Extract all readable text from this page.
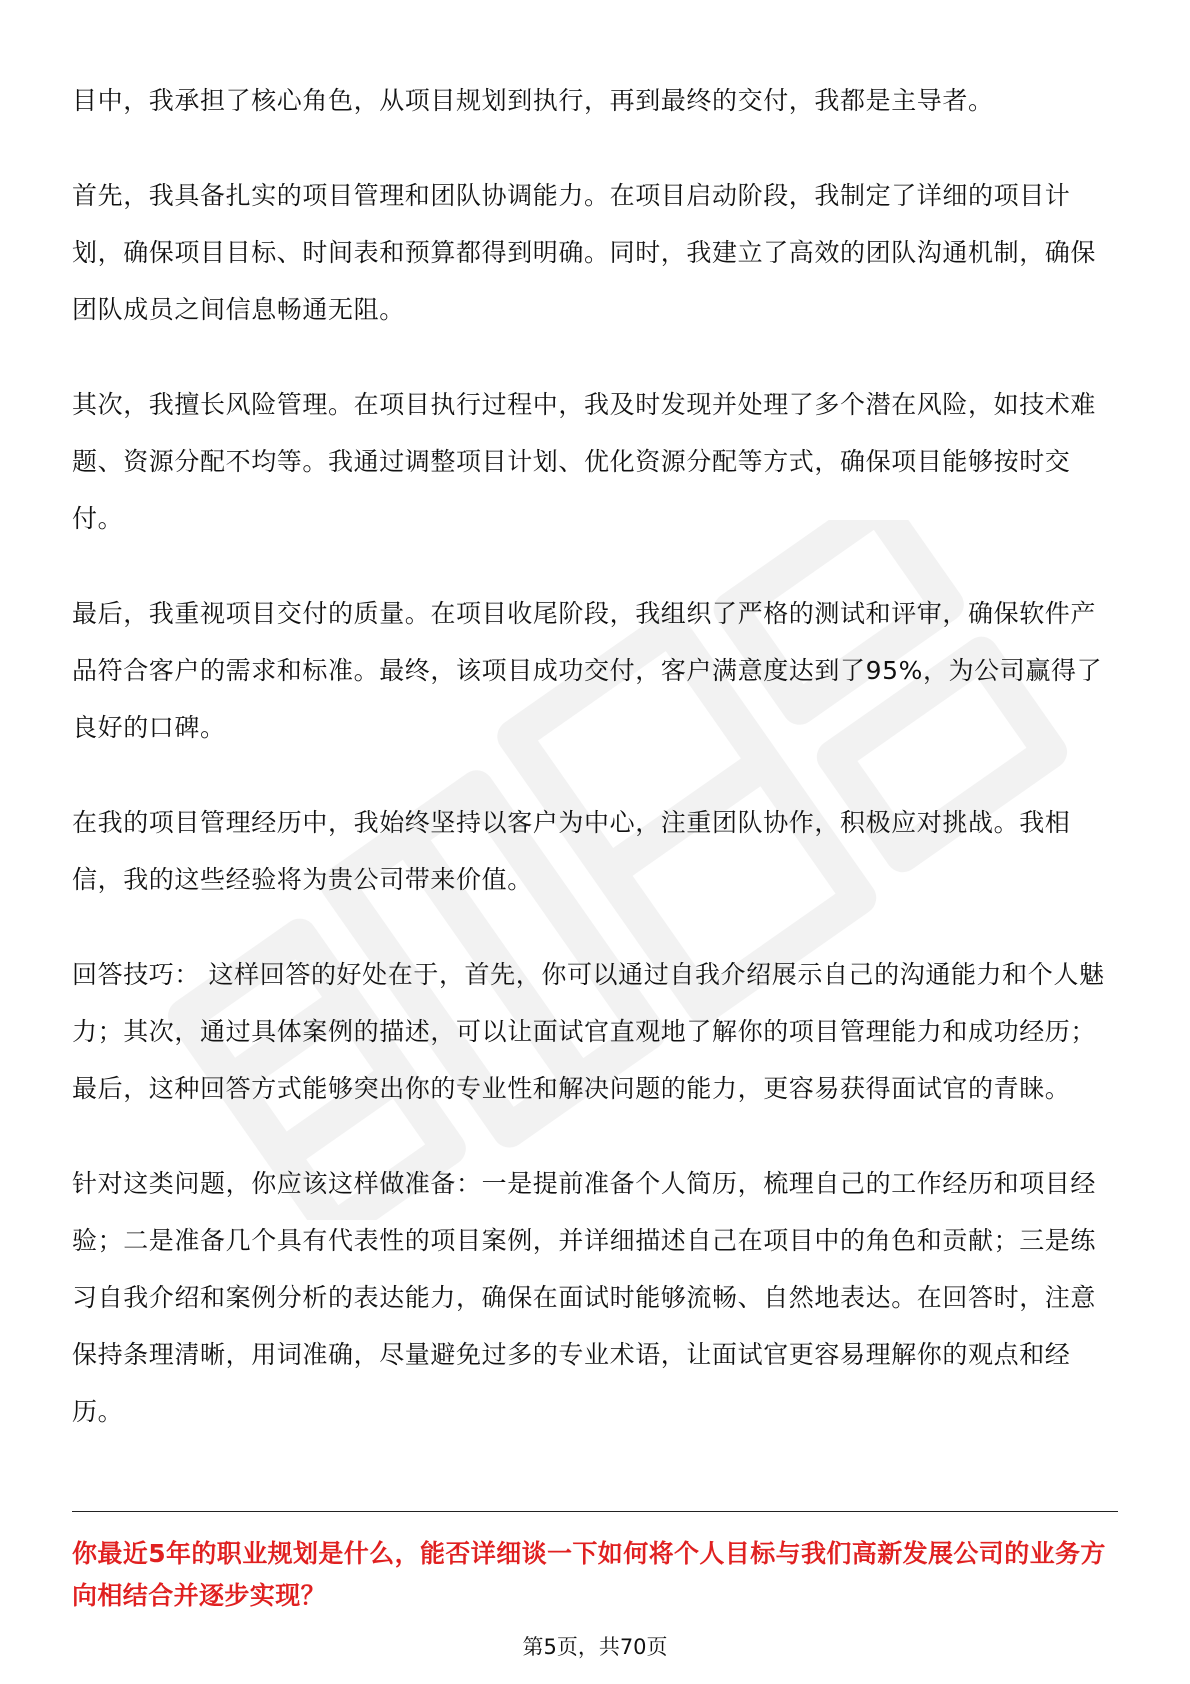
目中，我承担了核心角色，从项目规划到执行，再到最终的交付，我都是主导者。

首先，我具备扎实的项目管理和团队协调能力。在项目启动阶段，我制定了详细的项目计划，确保项目目标、时间表和预算都得到明确。同时，我建立了高效的团队沟通机制，确保团队成员之间信息畅通无阻。

其次，我擅长风险管理。在项目执行过程中，我及时发现并处理了多个潜在风险，如技术难题、资源分配不均等。我通过调整项目计划、优化资源分配等方式，确保项目能够按时交付。

最后，我重视项目交付的质量。在项目收尾阶段，我组织了严格的测试和评审，确保软件产品符合客户的需求和标准。最终，该项目成功交付，客户满意度达到了95%，为公司赢得了良好的口碑。

在我的项目管理经历中，我始终坚持以客户为中心，注重团队协作，积极应对挑战。我相信，我的这些经验将为贵公司带来价值。

回答技巧： 这样回答的好处在于，首先，你可以通过自我介绍展示自己的沟通能力和个人魅力；其次，通过具体案例的描述，可以让面试官直观地了解你的项目管理能力和成功经历；最后，这种回答方式能够突出你的专业性和解决问题的能力，更容易获得面试官的青睐。

针对这类问题，你应该这样做准备：一是提前准备个人简历，梳理自己的工作经历和项目经验；二是准备几个具有代表性的项目案例，并详细描述自己在项目中的角色和贡献；三是练习自我介绍和案例分析的表达能力，确保在面试时能够流畅、自然地表达。在回答时，注意保持条理清晰，用词准确，尽量避免过多的专业术语，让面试官更容易理解你的观点和经历。

你最近5年的职业规划是什么，能否详细谈一下如何将个人目标与我们高新发展公司的业务方向相结合并逐步实现？
第5页，共70页
